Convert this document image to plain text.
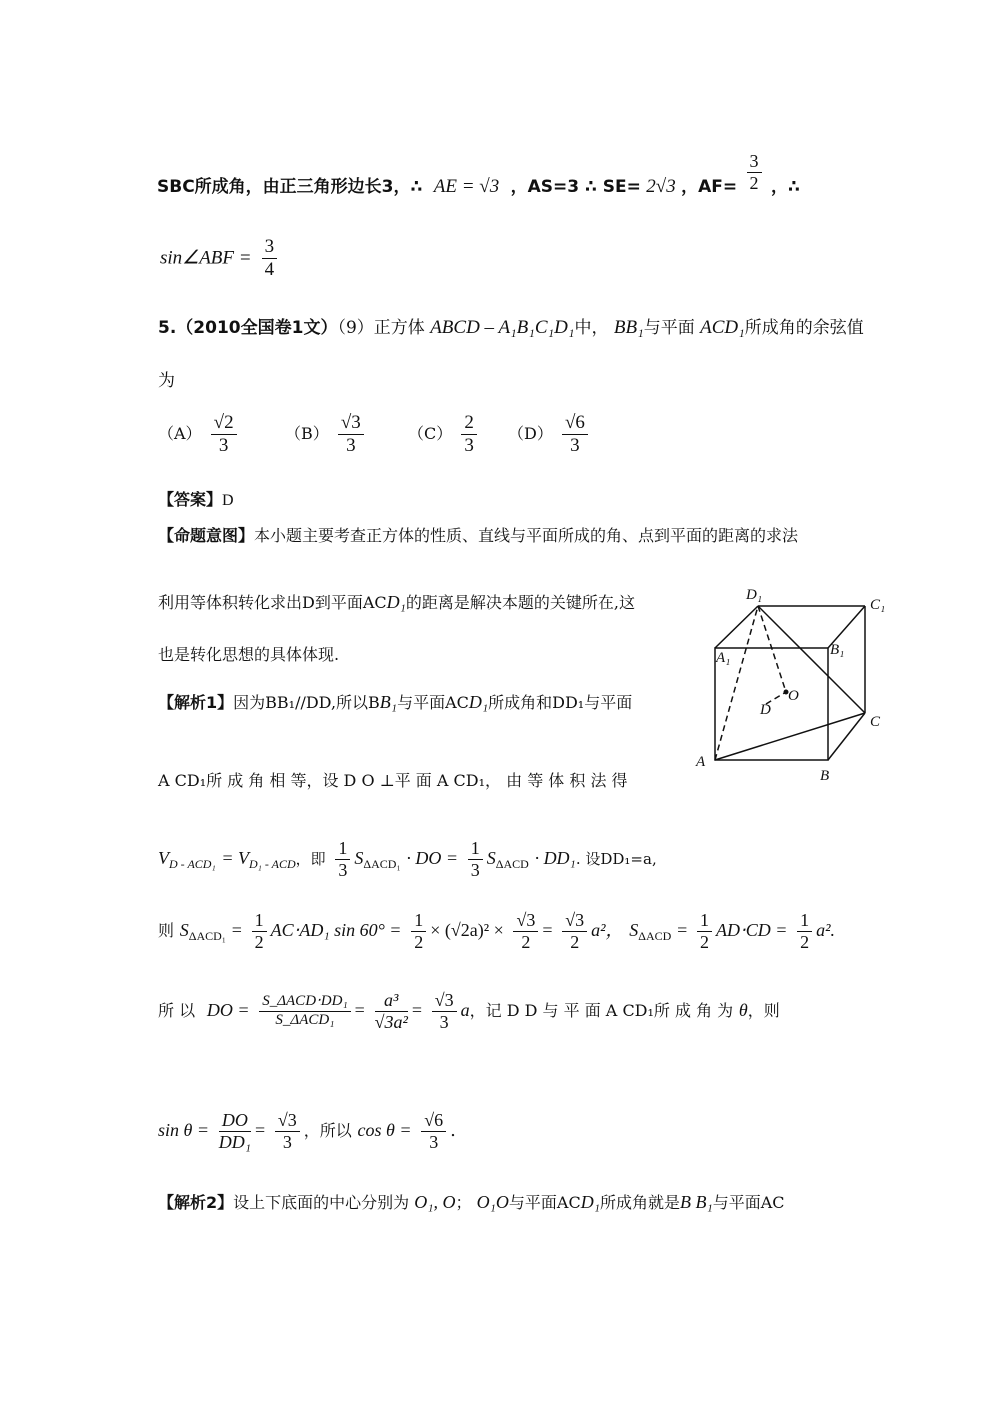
SBC所成角，由正三角形边长3，∴ AE = √3 ，AS=3 ∴ SE= 2√3 ，$AF= \frac{3}{2}$ ，∴
sin∠ABF = $\frac{3}{4}$
5.（2010全国卷1文）（9）正方体 ABCD – A₁B₁C₁D₁中， BB₁与平面 ACD₁所成角的余弦值
为
$(A) \frac{√2}{3}$	$(B) \frac{√3}{3}$	$(C) \frac{2}{3} (D) \frac{√6}{3}$
【答案】D
【命题意图】本小题主要考查正方体的性质、直线与平面所成的角、点到平面的距离的求法
利用等体积转化求出D到平面ACD₁的距离是解决本题的关键所在,这
也是转化思想的具体体现.
D₁
C₁
A₁	B₁
D
O
C
A
B
【解析1】因为BB₁//DD,所以BB₁与平面ACD₁所成角和DD₁与平面
A CD₁所 成 角 相 等，设 D O ⊥平 面 A CD₁， 由 等 体 积 法 得
$V_{D - ACD_1} = V_{D_1 - ACD}$，即 $\frac{1}{3} S_{\Delta ACD_1}$ · DO = $\frac{1}{3} S_{\Delta ACD} \cdot DD_1$. 设DD₁=a,
则 $S_{\Delta ACD_1} = \frac{1}{2} AC\cdot AD_1$ $\sin 60^\circ = \frac{1}{2} \times (√2a)^2 \times \frac{√3}{2} = \frac{√3}{2} a^2$， $S_{\Delta ACD} = \frac{1}{2} AD\cdot CD = \frac{1}{2} a^2$.
所 以 DO = $\frac{\text{S\_ΔACD⋅DD₁}}{\text{S\_ΔACD₁}} = \frac{\text{a³}}{\text{√3a²}} = \frac{√3}{3}$ a，记 D D 与 平 面 A CD₁所 成 角 为 θ，则
$\sin \theta = \frac{DO}{\text{DD₁}} = \frac{√3}{3}$ ，所以 $\cos \theta = \frac{√6}{3}$ .
【解析2】设上下底面的中心分别为 O₁, O； O₁O与平面ACD₁所成角就是B B₁与平面AC
